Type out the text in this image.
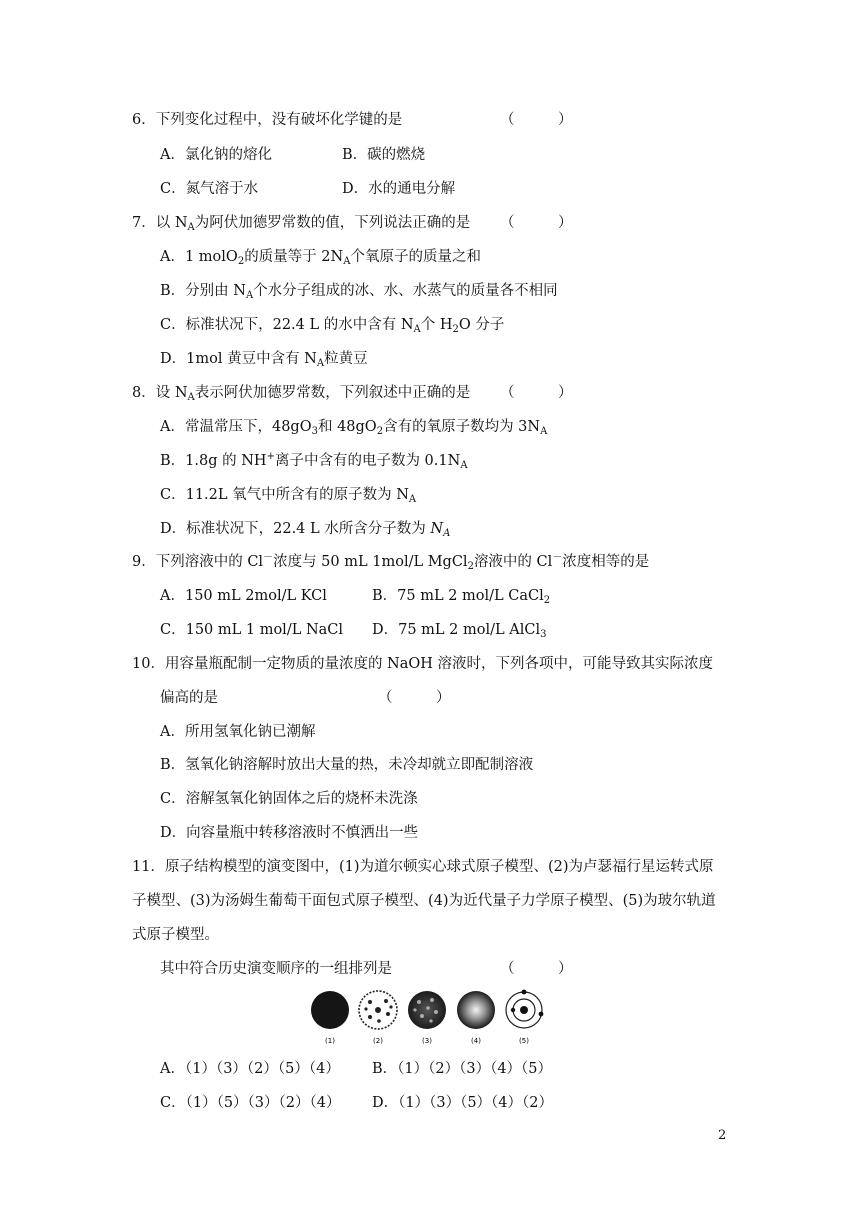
6．下列变化过程中，没有破坏化学键的是	（　　　）
A．氯化钠的熔化	B．碳的燃烧
C．氮气溶于水	D．水的通电分解
7．以 $N_A$为阿伏加德罗常数的值，下列说法正确的是 （　　　）
A．1 molO$_2$的质量等于 $2N_A$个氧原子的质量之和
B．分别由 $N_A$个水分子组成的冰、水、水蒸气的质量各不相同
C．标准状况下，22.4 L 的水中含有 $N_A$个 $H_2O$ 分子
D．1mol 黄豆中含有 $N_A$粒黄豆
8．设 $N_A$表示阿伏加德罗常数，下列叙述中正确的是 （　　　）
A．常温常压下，$48gO_3$和 $48gO_2$含有的氧原子数均为 $3N_A$
B．1.8g 的 NH+离子中含有的电子数为 $0.1N_A$
C．11.2L 氧气中所含有的原子数为 $N_A$
D．标准状况下，22.4 L 水所含分子数为 $N_A$
9．下列溶液中的 Cl－浓度与 50 mL 1mol/L MgCl$_2$溶液中的 Cl－浓度相等的是
A．150 mL 2mol/L KCl	B．75 mL 2 mol/L CaCl$_2$
C．150 mL 1 mol/L NaCl D．75 mL 2 mol/L AlCl$_3$
10．用容量瓶配制一定物质的量浓度的 NaOH 溶液时，下列各项中，可能导致其实际浓度
偏高的是	（　　　）
A．所用氢氧化钠已潮解
B．氢氧化钠溶解时放出大量的热，未冷却就立即配制溶液
C．溶解氢氧化钠固体之后的烧杯未洗涤
D．向容量瓶中转移溶液时不慎洒出一些
11．原子结构模型的演变图中，(1)为道尔顿实心球式原子模型、(2)为卢瑟福行星运转式原
子模型、(3)为汤姆生葡萄干面包式原子模型、(4)为近代量子力学原子模型、(5)为玻尔轨道
式原子模型。
其中符合历史演变顺序的一组排列是	（　　　）
(1)	(2)	(3)	(4)	(5)
A．（1）（3）（2）（5）（4） B．（1）（2）（3）（4）（5）
C．（1）（5）（3）（2）（4） D．（1）（3）（5）（4）（2）
2
